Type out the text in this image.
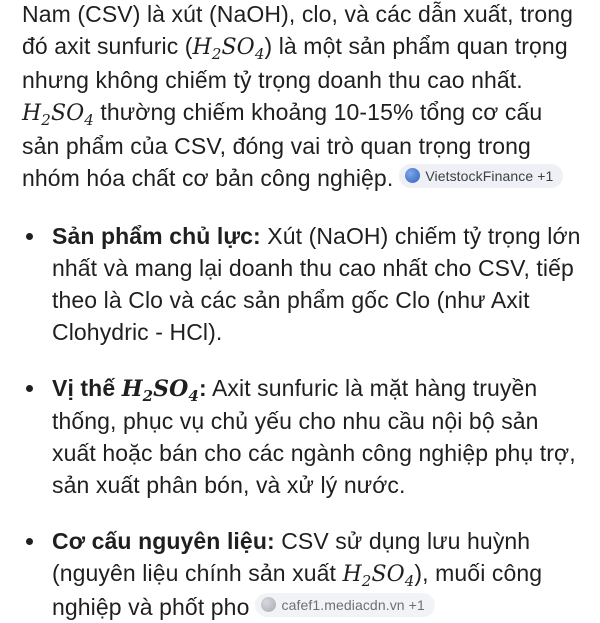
Nam (CSV) là xút (NaOH), clo, và các dẫn xuất, trong đó axit sunfuric $(H_2SO_4)$ là một sản phẩm quan trọng nhưng không chiếm tỷ trọng doanh thu cao nhất. $H_2SO_4$ thường chiếm khoảng 10-15% tổng cơ cấu sản phẩm của CSV, đóng vai trò quan trọng trong nhóm hóa chất cơ bản công nghiệp. VietstockFinance +1

Sản phẩm chủ lực: Xút (NaOH) chiếm tỷ trọng lớn nhất và mang lại doanh thu cao nhất cho CSV, tiếp theo là Clo và các sản phẩm gốc Clo (như Axit Clohydric - HCl).
Vị thế $H_2SO_4$: Axit sunfuric là mặt hàng truyền thống, phục vụ chủ yếu cho nhu cầu nội bộ sản xuất hoặc bán cho các ngành công nghiệp phụ trợ, sản xuất phân bón, và xử lý nước.
Cơ cấu nguyên liệu: CSV sử dụng lưu huỳnh (nguyên liệu chính sản xuất $H_2SO_4$), muối công nghiệp và phốt pho cafef1.mediacdn.vn +1
